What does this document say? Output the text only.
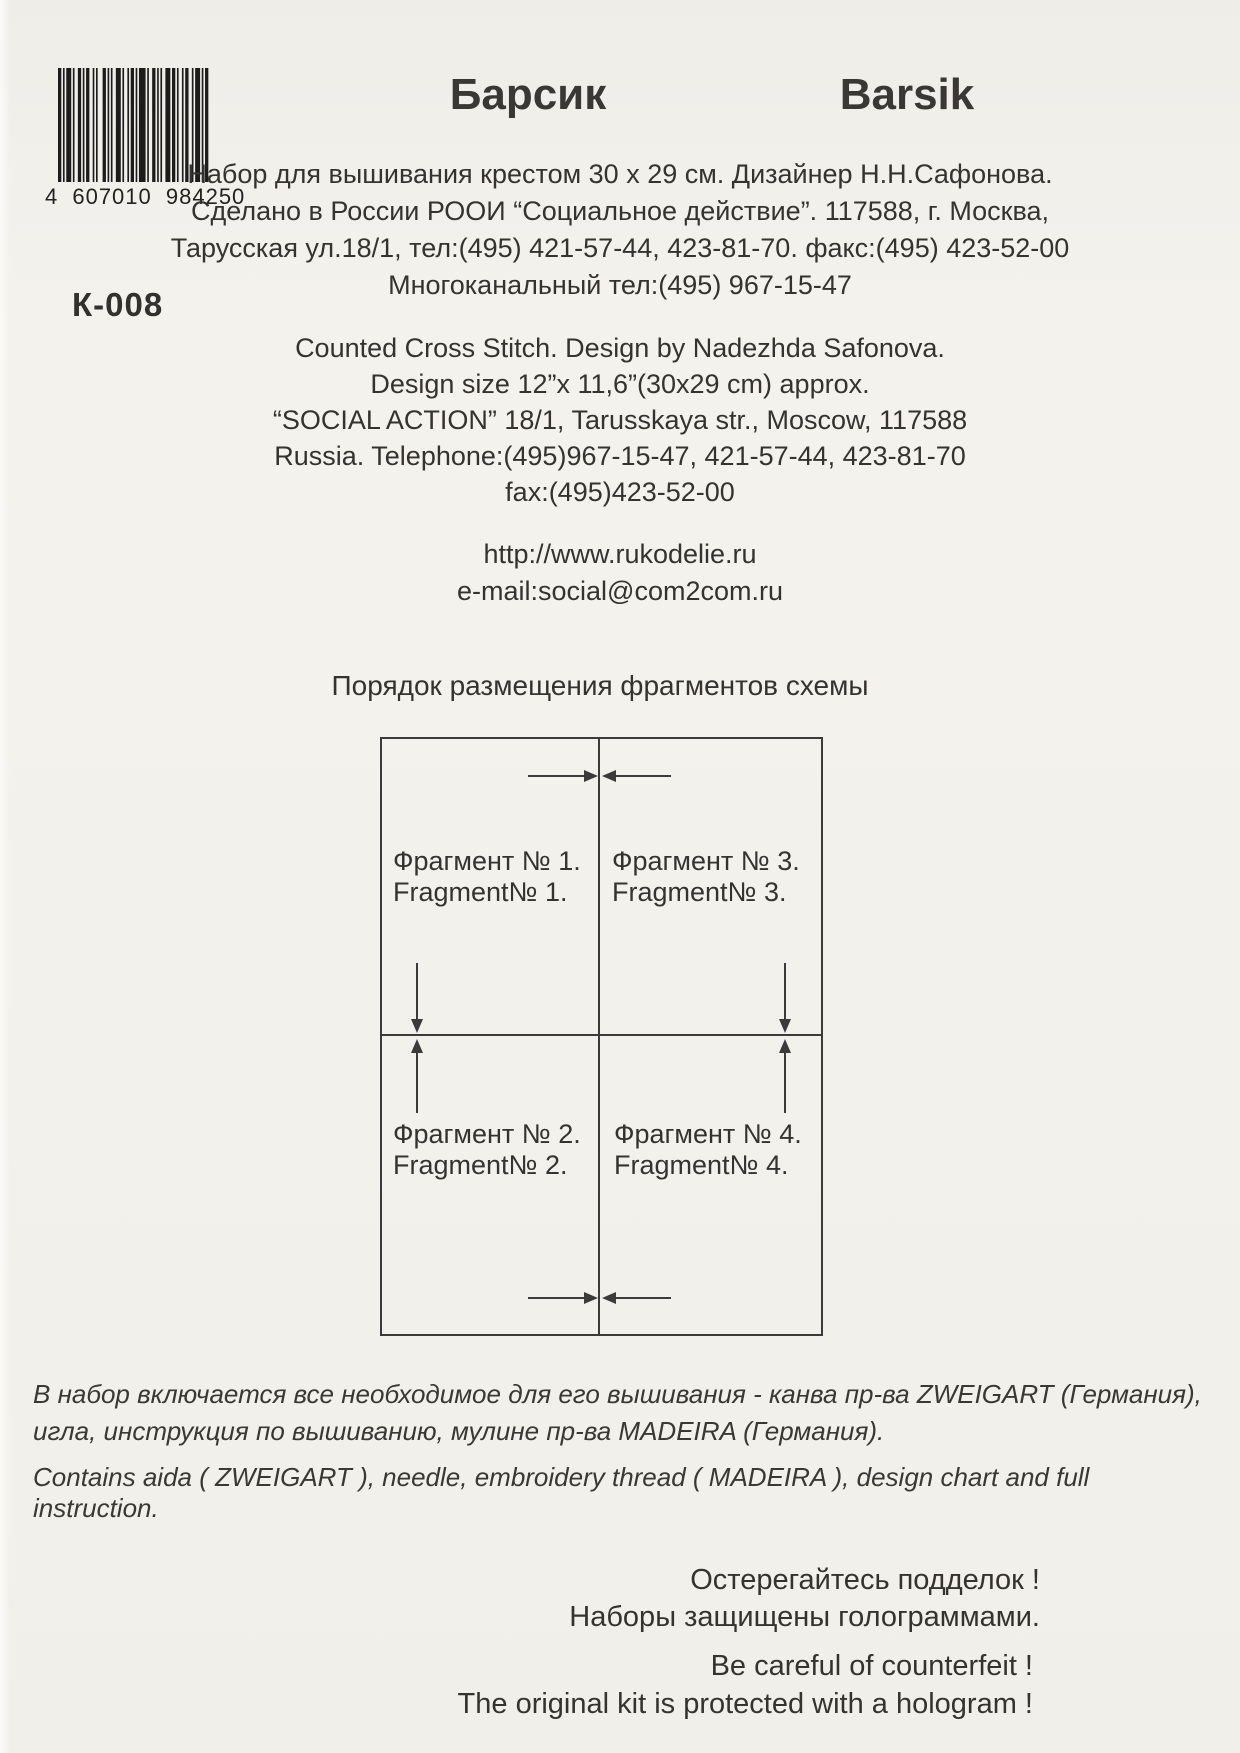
4 607010 984250
К-008
Барсик	Barsik
Набор для вышивания крестом 30 х 29 см. Дизайнер Н.Н.Сафонова.
Сделано в России РООИ “Социальное действие”. 117588, г. Москва,
Тарусская ул.18/1, тел:(495) 421-57-44, 423-81-70. факс:(495) 423-52-00
Многоканальный тел:(495) 967-15-47
Counted Cross Stitch. Design by Nadezhda Safonova.
Design size 12”x 11,6”(30x29 cm) approx.
“SOCIAL ACTION” 18/1, Tarusskaya str., Moscow, 117588
Russia. Telephone:(495)967-15-47, 421-57-44, 423-81-70
fax:(495)423-52-00
http://www.rukodelie.ru
e-mail:social@com2com.ru
Порядок размещения фрагментов схемы
Фрагмент № 1.
Fragment№ 1.
Фрагмент № 3.
Fragment№ 3.
Фрагмент № 2.
Fragment№ 2.
Фрагмент № 4.
Fragment№ 4.
В набор включается все необходимое для его вышивания - канва пр-ва ZWEIGART (Германия),
игла, инструкция по вышиванию, мулине пр-ва MADEIRA (Германия).
Contains aida ( ZWEIGART ), needle, embroidery thread ( MADEIRA ), design chart and full instruction.
Остерегайтесь подделок !
Наборы защищены голограммами.
Be careful of counterfeit !
The original kit is protected with a hologram !
